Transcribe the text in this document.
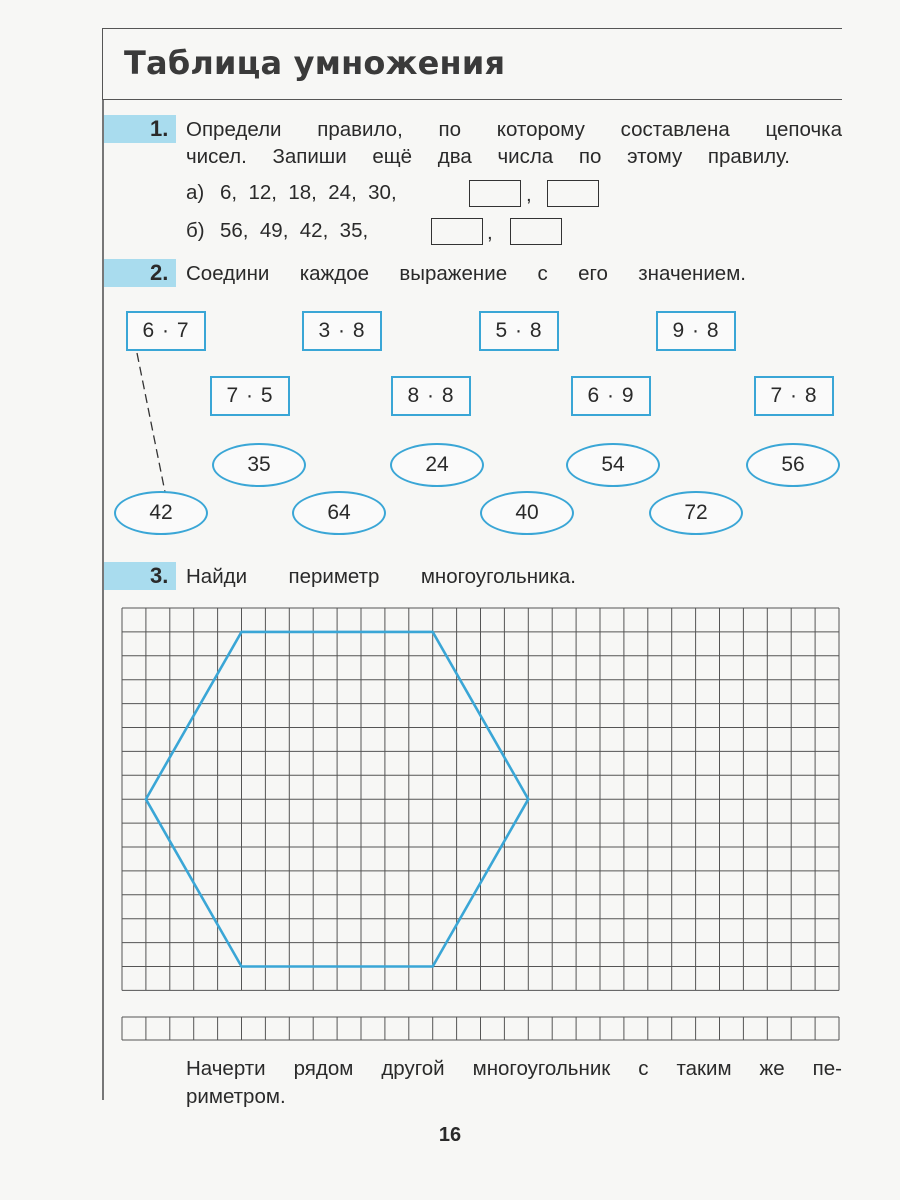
Таблица умножения
1. Определи правило, по которому составлена цепочка
чисел. Запиши ещё два числа по этому правилу.
а) 6,  12,  18,  24,  30,	,
б) 56,  49,  42,  35,	,
2. Соедини каждое выражение с его значением.
6 · 7	3 · 8	5 · 8	9 · 8
7 · 5	8 · 8	6 · 9	7 · 8
35	24	54	56
42	64	40	72
3. Найди периметр многоугольника.
Начерти рядом другой многоугольник с таким же пе-
риметром.
16
